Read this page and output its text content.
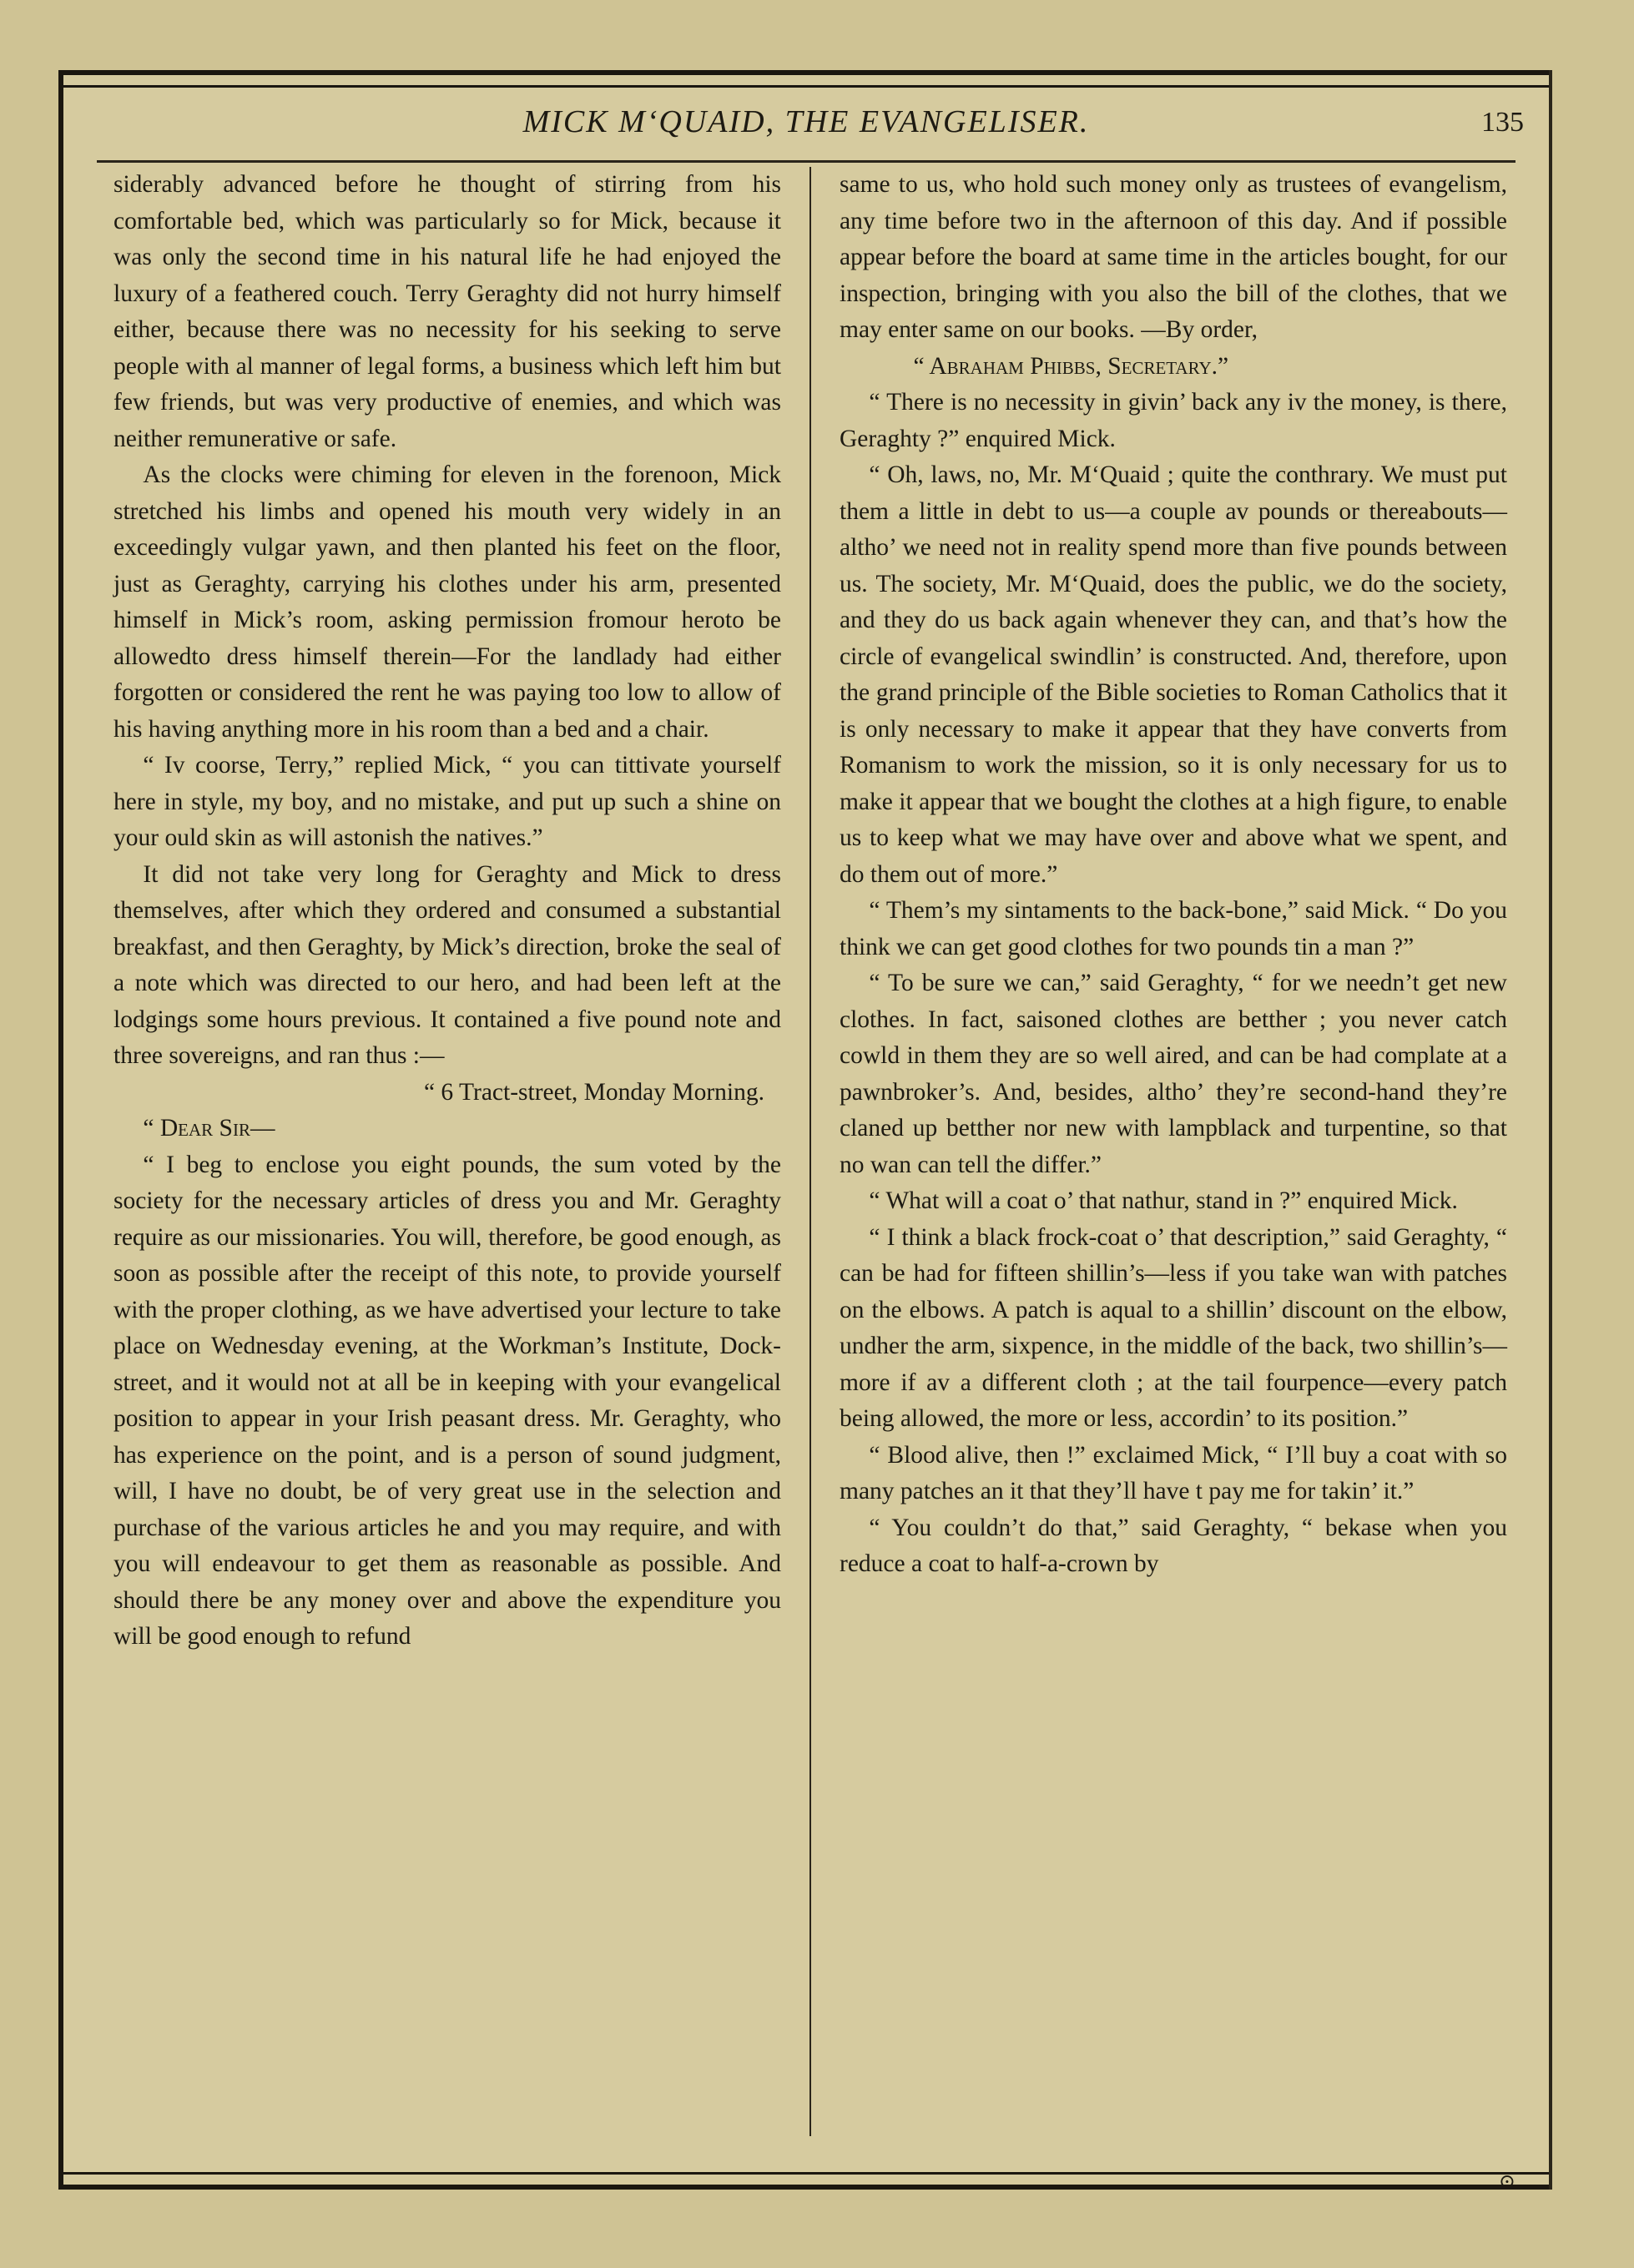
MICK M‘QUAID, THE EVANGELISER.	135

siderably advanced before he thought of stirring from his comfortable bed, which was particularly so for Mick, because it was only the second time in his natural life he had enjoyed the luxury of a feathered couch. Terry Geraghty did not hurry himself either, because there was no necessity for his seeking to serve people with al manner of legal forms, a business which left him but few friends, but was very productive of enemies, and which was neither remunerative or safe.

As the clocks were chiming for eleven in the forenoon, Mick stretched his limbs and opened his mouth very widely in an exceedingly vulgar yawn, and then planted his feet on the floor, just as Geraghty, carrying his clothes under his arm, presented himself in Mick’s room, asking permission fromour heroto be allowedto dress himself therein—For the landlady had either forgotten or considered the rent he was paying too low to allow of his having anything more in his room than a bed and a chair.

“ Iv coorse, Terry,” replied Mick, “ you can tittivate yourself here in style, my boy, and no mistake, and put up such a shine on your ould skin as will astonish the natives.”

It did not take very long for Geraghty and Mick to dress themselves, after which they ordered and consumed a substantial breakfast, and then Geraghty, by Mick’s direction, broke the seal of a note which was directed to our hero, and had been left at the lodgings some hours previous. It contained a five pound note and three sovereigns, and ran thus :—

“ 6 Tract-street, Monday Morning.

“ Dear Sir—

“ I beg to enclose you eight pounds, the sum voted by the society for the necessary articles of dress you and Mr. Geraghty require as our missionaries. You will, therefore, be good enough, as soon as possible after the receipt of this note, to provide yourself with the proper clothing, as we have advertised your lecture to take place on Wednesday evening, at the Workman’s Institute, Dock-street, and it would not at all be in keeping with your evangelical position to appear in your Irish peasant dress. Mr. Geraghty, who has experience on the point, and is a person of sound judgment, will, I have no doubt, be of very great use in the selection and purchase of the various articles he and you may require, and with you will endeavour to get them as reasonable as possible. And should there be any money over and above the expenditure you will be good enough to refund

same to us, who hold such money only as trustees of evangelism, any time before two in the afternoon of this day. And if possible appear before the board at same time in the articles bought, for our inspection, bringing with you also the bill of the clothes, that we may enter same on our books. —By order,

“ Abraham Phibbs, Secretary.”

“ There is no necessity in givin’ back any iv the money, is there, Geraghty ?” enquired Mick.

“ Oh, laws, no, Mr. M‘Quaid ; quite the conthrary. We must put them a little in debt to us—a couple av pounds or thereabouts—altho’ we need not in reality spend more than five pounds between us. The society, Mr. M‘Quaid, does the public, we do the society, and they do us back again whenever they can, and that’s how the circle of evangelical swindlin’ is constructed. And, therefore, upon the grand principle of the Bible societies to Roman Catholics that it is only necessary to make it appear that they have converts from Romanism to work the mission, so it is only necessary for us to make it appear that we bought the clothes at a high figure, to enable us to keep what we may have over and above what we spent, and do them out of more.”

“ Them’s my sintaments to the back-bone,” said Mick. “ Do you think we can get good clothes for two pounds tin a man ?”

“ To be sure we can,” said Geraghty, “ for we needn’t get new clothes. In fact, saisoned clothes are betther ; you never catch cowld in them they are so well aired, and can be had complate at a pawnbroker’s. And, besides, altho’ they’re second-hand they’re claned up betther nor new with lampblack and turpentine, so that no wan can tell the differ.”

“ What will a coat o’ that nathur, stand in ?” enquired Mick.

“ I think a black frock-coat o’ that description,” said Geraghty, “ can be had for fifteen shillin’s—less if you take wan with patches on the elbows. A patch is aqual to a shillin’ discount on the elbow, undher the arm, sixpence, in the middle of the back, two shillin’s—more if av a different cloth ; at the tail fourpence—every patch being allowed, the more or less, accordin’ to its position.”

“ Blood alive, then !” exclaimed Mick, “ I’ll buy a coat with so many patches an it that they’ll have t pay me for takin’ it.”

“ You couldn’t do that,” said Geraghty, “ bekase when you reduce a coat to half-a-crown by

⊙
